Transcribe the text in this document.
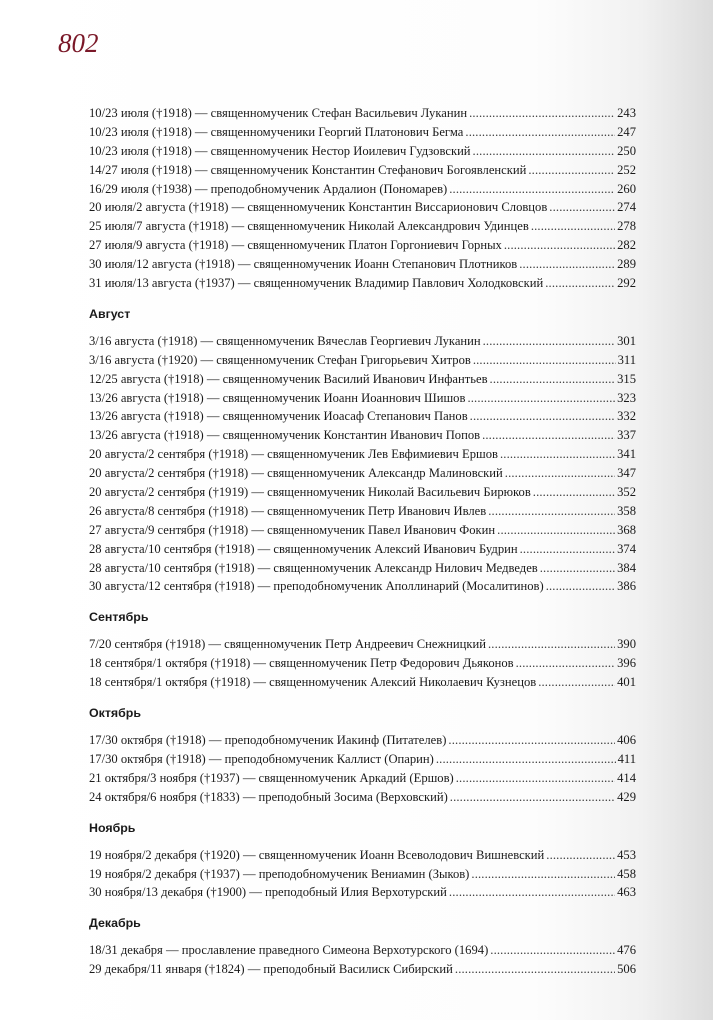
802
10/23 июля (†1918) — священномученик Стефан Васильевич Луканин . . .	243
10/23 июля (†1918) — священномученики Георгий Платонович Бегма . . .	247
10/23 июля (†1918) — священномученик Нестор Иоилевич Гудзовский . . .	250
14/27 июля (†1918) — священномученик Константин Стефанович Богоявленский . . .	252
16/29 июля (†1938) — преподобномученик Ардалион (Пономарев) . . .	260
20 июля/2 августа (†1918) — священномученик Константин Виссарионович Словцов . . .	274
25 июля/7 августа (†1918) — священномученик Николай Александрович Удинцев . . .	278
27 июля/9 августа (†1918) — священномученик Платон Горгониевич Горных . . .	282
30 июля/12 августа (†1918) — священномученик Иоанн Степанович Плотников . . .	289
31 июля/13 августа (†1937) — священномученик Владимир Павлович Холодковский . . .	292
Август
3/16 августа (†1918) — священномученик Вячеслав Георгиевич Луканин . . .	301
3/16 августа (†1920) — священномученик Стефан Григорьевич Хитров . . .	311
12/25 августа (†1918) — священномученик Василий Иванович Инфантьев . . .	315
13/26 августа (†1918) — священномученик Иоанн Иоаннович Шишов . . .	323
13/26 августа (†1918) — священномученик Иоасаф Степанович Панов . . .	332
13/26 августа (†1918) — священномученик Константин Иванович Попов . . .	337
20 августа/2 сентября (†1918) — священномученик Лев Евфимиевич Ершов . . .	341
20 августа/2 сентября (†1918) — священномученик Александр Малиновский . . .	347
20 августа/2 сентября (†1919) — священномученик Николай Васильевич Бирюков . . .	352
26 августа/8 сентября (†1918) — священномученик Петр Иванович Ивлев . . .	358
27 августа/9 сентября (†1918) — священномученик Павел Иванович Фокин . . .	368
28 августа/10 сентября (†1918) — священномученик Алексий Иванович Будрин . . .	374
28 августа/10 сентября (†1918) — священномученик Александр Нилович Медведев . . .	384
30 августа/12 сентября (†1918) — преподобномученик Аполлинарий (Мосалитинов) . . .	386
Сентябрь
7/20 сентября (†1918) — священномученик Петр Андреевич Снежницкий . . .	390
18 сентября/1 октября (†1918) — священномученик Петр Федорович Дьяконов . . .	396
18 сентября/1 октября (†1918) — священномученик Алексий Николаевич Кузнецов . . .	401
Октябрь
17/30 октября (†1918) — преподобномученик Иакинф (Питателев) . . .	406
17/30 октября (†1918) — преподобномученик Каллист (Опарин) . . .	411
21 октября/3 ноября (†1937) — священномученик Аркадий (Ершов) . . .	414
24 октября/6 ноября (†1833) — преподобный Зосима (Верховский) . . .	429
Ноябрь
19 ноября/2 декабря (†1920) — священномученик Иоанн Всеволодович Вишневский . . .	453
19 ноября/2 декабря (†1937) — преподобномученик Вениамин (Зыков) . . .	458
30 ноября/13 декабря (†1900) — преподобный Илия Верхотурский . . .	463
Декабрь
18/31 декабря — прославление праведного Симеона Верхотурского (1694) . . .	476
29 декабря/11 января (†1824) — преподобный Василиск Сибирский . . .	506
